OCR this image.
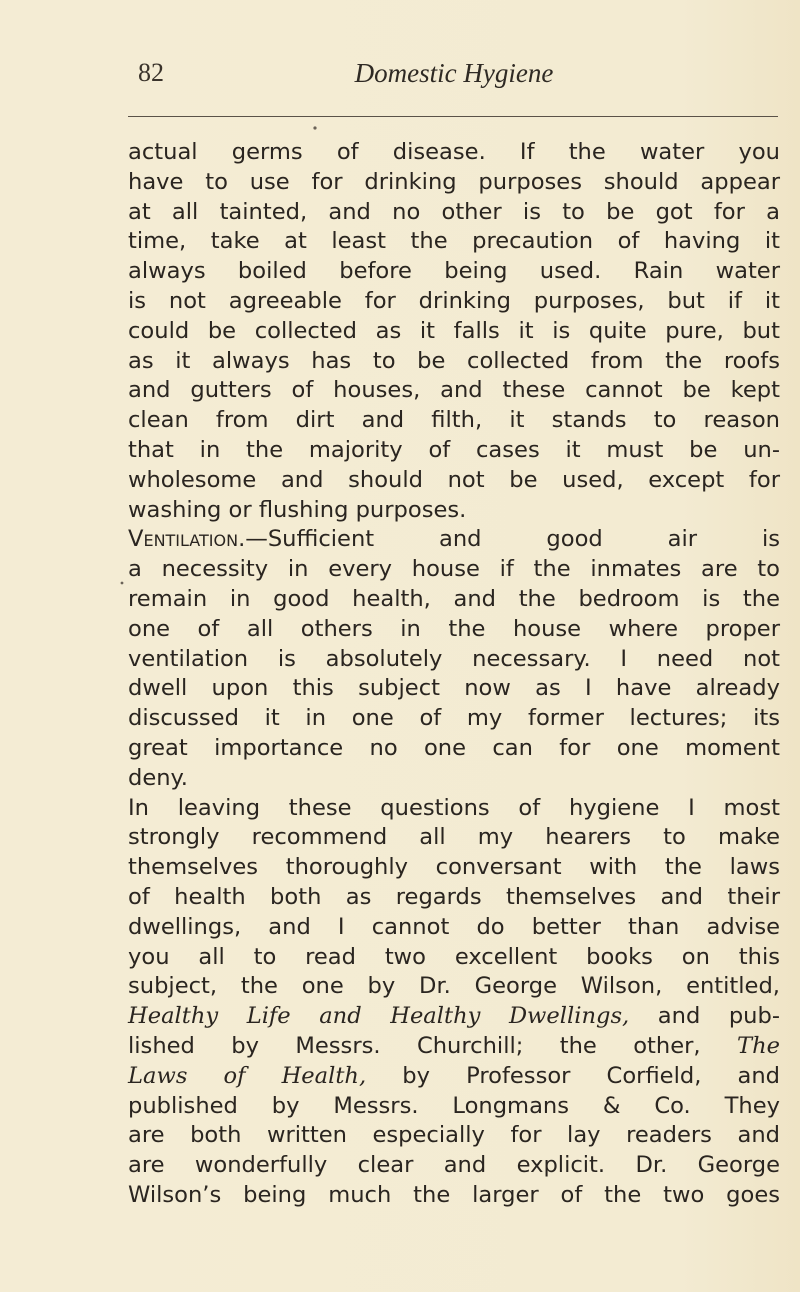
82	Domestic Hygiene
actual germs of disease. If the water you
have to use for drinking purposes should appear
at all tainted, and no other is to be got for a
time, take at least the precaution of having it
always boiled before being used. Rain water
is not agreeable for drinking purposes, but if it
could be collected as it falls it is quite pure, but
as it always has to be collected from the roofs
and gutters of houses, and these cannot be kept
clean from dirt and filth, it stands to reason
that in the majority of cases it must be un-
wholesome and should not be used, except for
washing or flushing purposes.
Ventilation.—Sufficient and good air is
a necessity in every house if the inmates are to
remain in good health, and the bedroom is the
one of all others in the house where proper
ventilation is absolutely necessary. I need not
dwell upon this subject now as I have already
discussed it in one of my former lectures; its
great importance no one can for one moment
deny.
In leaving these questions of hygiene I most
strongly recommend all my hearers to make
themselves thoroughly conversant with the laws
of health both as regards themselves and their
dwellings, and I cannot do better than advise
you all to read two excellent books on this
subject, the one by Dr. George Wilson, entitled,
Healthy Life and Healthy Dwellings, and pub-
lished by Messrs. Churchill; the other, The
Laws of Health, by Professor Corfield, and
published by Messrs. Longmans & Co. They
are both written especially for lay readers and
are wonderfully clear and explicit. Dr. George
Wilson’s being much the larger of the two goes
